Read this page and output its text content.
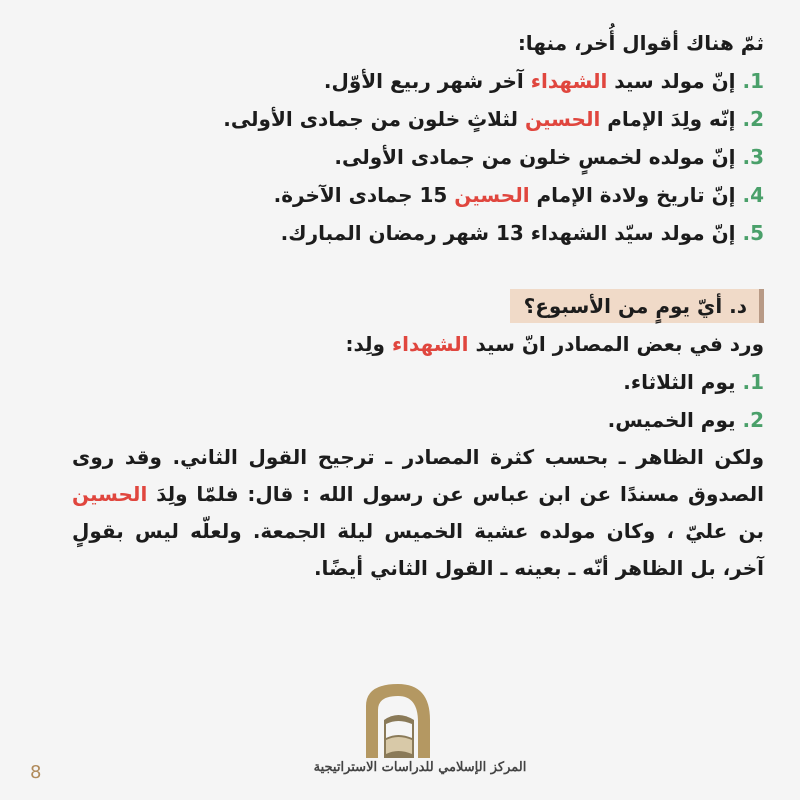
ثمّ هناك أقوال أُخر، منها:
1. إنّ مولد سيد الشهداء آخر شهر ربيع الأوّل.
2. إنّه ولِدَ الإمام الحسين لثلاثٍ خلون من جمادى الأولى.
3. إنّ مولده لخمسٍ خلون من جمادى الأولى.
4. إنّ تاريخ ولادة الإمام الحسين 15 جمادى الآخرة.
5. إنّ مولد سيّد الشهداء 13 شهر رمضان المبارك.
د. أيّ يومٍ من الأسبوع؟
ورد في بعض المصادر انّ سيد الشهداء ولِد:
1. يوم الثلاثاء.
2. يوم الخميس.
ولكن الظاهر ـ بحسب كثرة المصادر ـ ترجيح القول الثاني. وقد روى الصدوق مسندًا عن ابن عباس عن رسول الله : قال: فلمّا ولِدَ الحسين بن عليّ ، وكان مولده عشية الخميس ليلة الجمعة. ولعلّه ليس بقولٍ آخر، بل الظاهر أنّه ـ بعينه ـ القول الثاني أيضًا.
المركز الإسلامي للدراسات الاستراتيجية
8
